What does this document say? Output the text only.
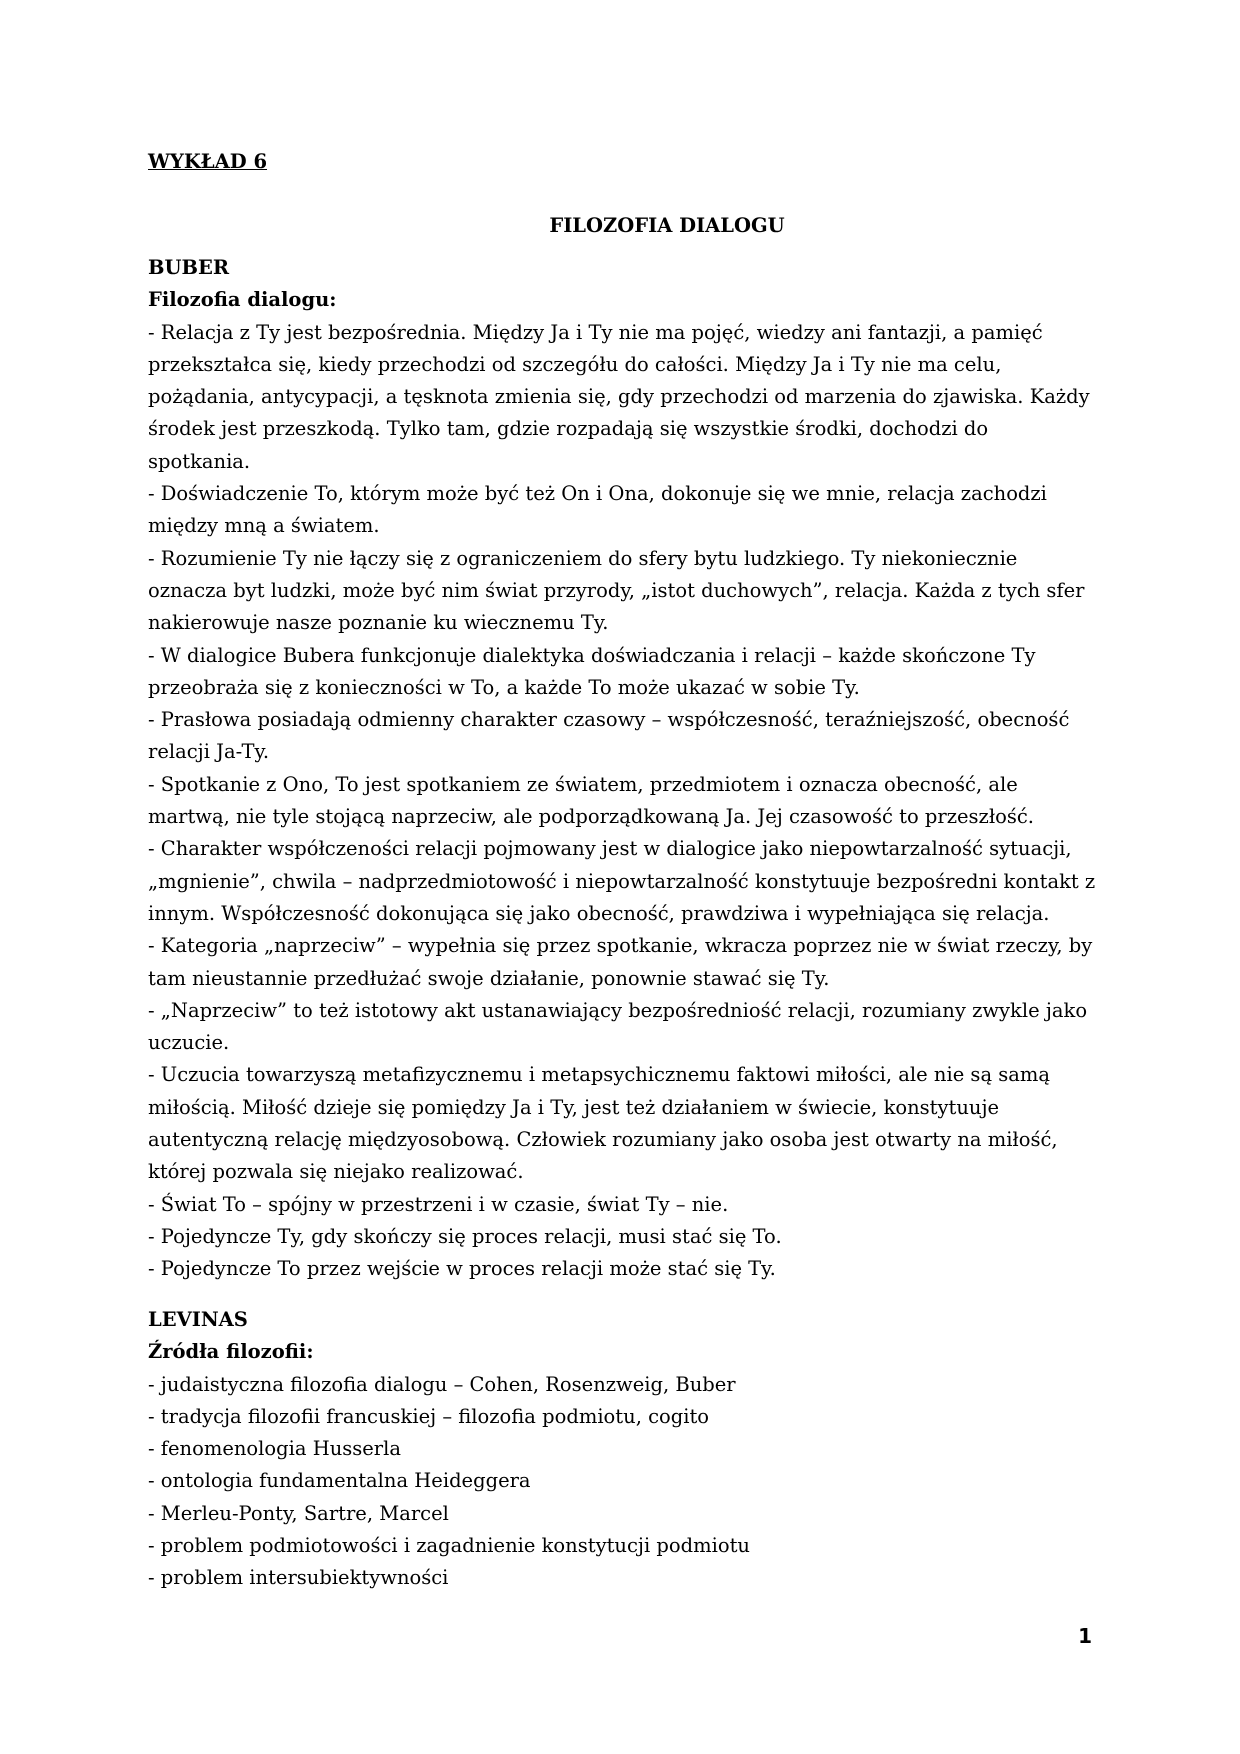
WYKŁAD 6
FILOZOFIA DIALOGU
BUBER
Filozofia dialogu:

- Relacja z Ty jest bezpośrednia. Między Ja i Ty nie ma pojęć, wiedzy ani fantazji, a pamięć przekształca się, kiedy przechodzi od szczegółu do całości. Między Ja i Ty nie ma celu, pożądania, antycypacji, a tęsknota zmienia się, gdy przechodzi od marzenia do zjawiska. Każdy środek jest przeszkodą. Tylko tam, gdzie rozpadają się wszystkie środki, dochodzi do spotkania.

- Doświadczenie To, którym może być też On i Ona, dokonuje się we mnie, relacja zachodzi między mną a światem.

- Rozumienie Ty nie łączy się z ograniczeniem do sfery bytu ludzkiego. Ty niekoniecznie oznacza byt ludzki, może być nim świat przyrody, „istot duchowych”, relacja. Każda z tych sfer nakierowuje nasze poznanie ku wiecznemu Ty.

- W dialogice Bubera funkcjonuje dialektyka doświadczania i relacji – każde skończone Ty przeobraża się z konieczności w To, a każde To może ukazać w sobie Ty.

- Prasłowa posiadają odmienny charakter czasowy – współczesność, teraźniejszość, obecność relacji Ja-Ty.

- Spotkanie z Ono, To jest spotkaniem ze światem, przedmiotem i oznacza obecność, ale martwą, nie tyle stojącą naprzeciw, ale podporządkowaną Ja. Jej czasowość to przeszłość.

- Charakter współczeności relacji pojmowany jest w dialogice jako niepowtarzalność sytuacji, „mgnienie”, chwila – nadprzedmiotowość i niepowtarzalność konstytuuje bezpośredni kontakt z innym. Współczesność dokonująca się jako obecność, prawdziwa i wypełniająca się relacja.

- Kategoria „naprzeciw” – wypełnia się przez spotkanie, wkracza poprzez nie w świat rzeczy, by tam nieustannie przedłużać swoje działanie, ponownie stawać się Ty.

- „Naprzeciw” to też istotowy akt ustanawiający bezpośredniość relacji, rozumiany zwykle jako uczucie.

- Uczucia towarzyszą metafizycznemu i metapsychicznemu faktowi miłości, ale nie są samą miłością. Miłość dzieje się pomiędzy Ja i Ty, jest też działaniem w świecie, konstytuuje autentyczną relację międzyosobową. Człowiek rozumiany jako osoba jest otwarty na miłość, której pozwala się niejako realizować.

- Świat To – spójny w przestrzeni i w czasie, świat Ty – nie.

- Pojedyncze Ty, gdy skończy się proces relacji, musi stać się To.

- Pojedyncze To przez wejście w proces relacji może stać się Ty.

LEVINAS
Źródła filozofii:

- judaistyczna filozofia dialogu – Cohen, Rosenzweig, Buber

- tradycja filozofii francuskiej – filozofia podmiotu, cogito

- fenomenologia Husserla

- ontologia fundamentalna Heideggera

- Merleu-Ponty, Sartre, Marcel

- problem podmiotowości i zagadnienie konstytucji podmiotu

- problem intersubiektywności

1
